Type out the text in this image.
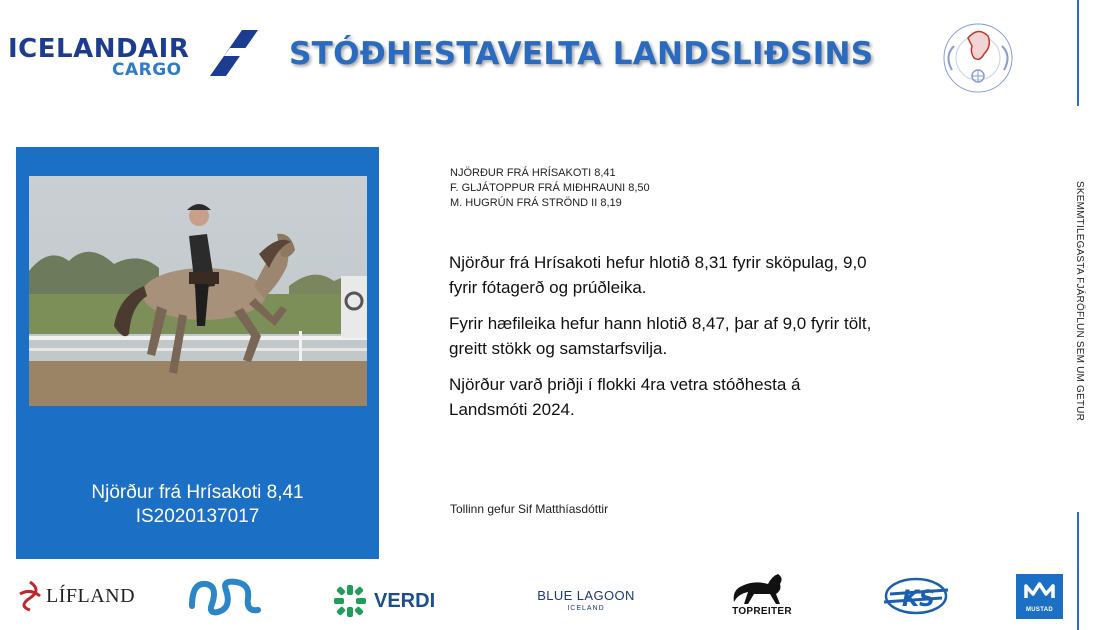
ICELANDAIR
CARGO	STÓÐHESTAVELTA LANDSLIÐSINS
SKEMMTILEGASTA FJÁRÖFLUN SEM UM GETUR
Njörður frá Hrísakoti 8,41
IS2020137017
NJÖRÐUR FRÁ HRÍSAKOTI 8,41
F. GLJÁTOPPUR FRÁ MIÐHRAUNI 8,50
M. HUGRÚN FRÁ STRÖND II 8,19

Njörður frá Hrísakoti hefur hlotið 8,31 fyrir sköpulag, 9,0 fyrir fótagerð og prúðleika.

Fyrir hæfileika hefur hann hlotið 8,47, þar af 9,0 fyrir tölt, greitt stökk og samstarfsvilja.

Njörður varð þriðji í flokki 4ra vetra stóðhesta á Landsmóti 2024.

Tollinn gefur Sif Matthíasdóttir
LÍFLAND	VERDI	BLUE LAGOON
ICELAND	TOPREITER	KS	MUSTAD
